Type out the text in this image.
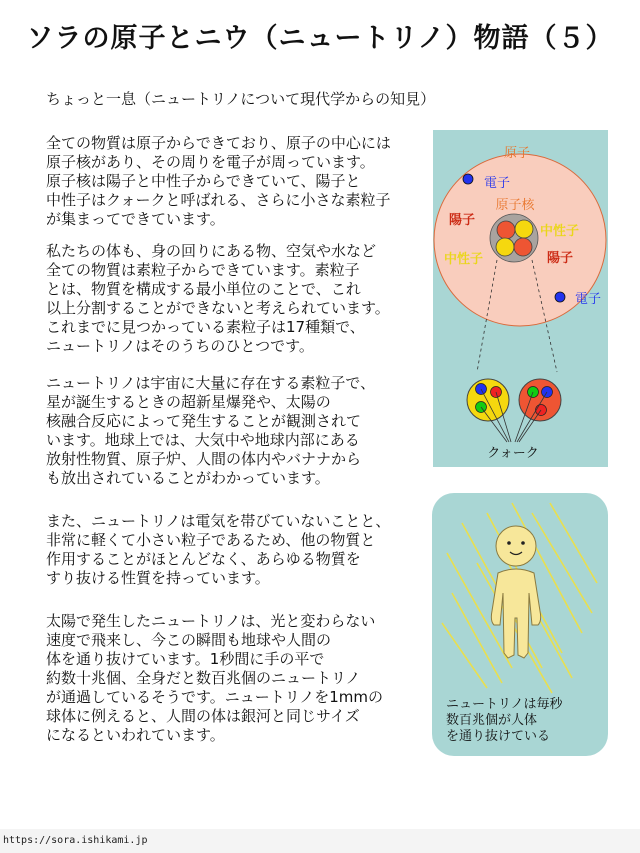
ソラの原子とニウ（ニュートリノ）物語（５）
ちょっと一息（ニュートリノについて現代学からの知見）

全ての物質は原子からできており、原子の中心には
原子核があり、その周りを電子が周っています。
原子核は陽子と中性子からできていて、陽子と
中性子はクォークと呼ばれる、さらに小さな素粒子
が集まってできています。

私たちの体も、身の回りにある物、空気や水など
全ての物質は素粒子からできています。素粒子
とは、物質を構成する最小単位のことで、これ
以上分割することができないと考えられています。
これまでに見つかっている素粒子は17種類で、
ニュートリノはそのうちのひとつです。

ニュートリノは宇宙に大量に存在する素粒子で、
星が誕生するときの超新星爆発や、太陽の
核融合反応によって発生することが観測されて
います。地球上では、大気中や地球内部にある
放射性物質、原子炉、人間の体内やバナナから
も放出されていることがわかっています。

また、ニュートリノは電気を帯びていないことと、
非常に軽くて小さい粒子であるため、他の物質と
作用することがほとんどなく、あらゆる物質を
すり抜ける性質を持っています。

太陽で発生したニュートリノは、光と変わらない
速度で飛来し、今この瞬間も地球や人間の
体を通り抜けています。1秒間に手の平で
約数十兆個、全身だと数百兆個のニュートリノ
が通過しているそうです。ニュートリノを1mmの
球体に例えると、人間の体は銀河と同じサイズ
になるといわれています。

原子
電子
電子
原子核
陽子
中性子
中性子	陽子
クォーク
ニュートリノは毎秒
数百兆個が人体
を通り抜けている
https://sora.ishikami.jp
